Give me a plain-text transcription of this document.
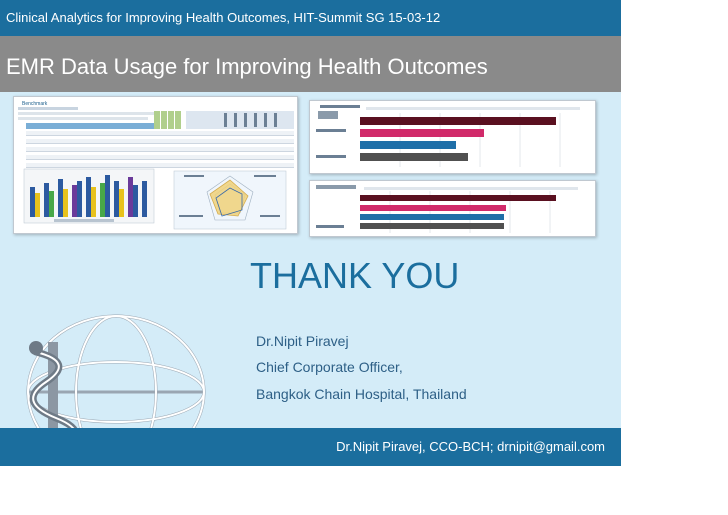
Clinical Analytics for Improving Health Outcomes, HIT-Summit SG 15-03-12
EMR Data Usage for Improving Health Outcomes
Benchmark
THANK YOU
Dr.Nipit Piravej
Chief Corporate Officer,
Bangkok Chain Hospital, Thailand
Dr.Nipit Piravej, CCO-BCH; drnipit@gmail.com
